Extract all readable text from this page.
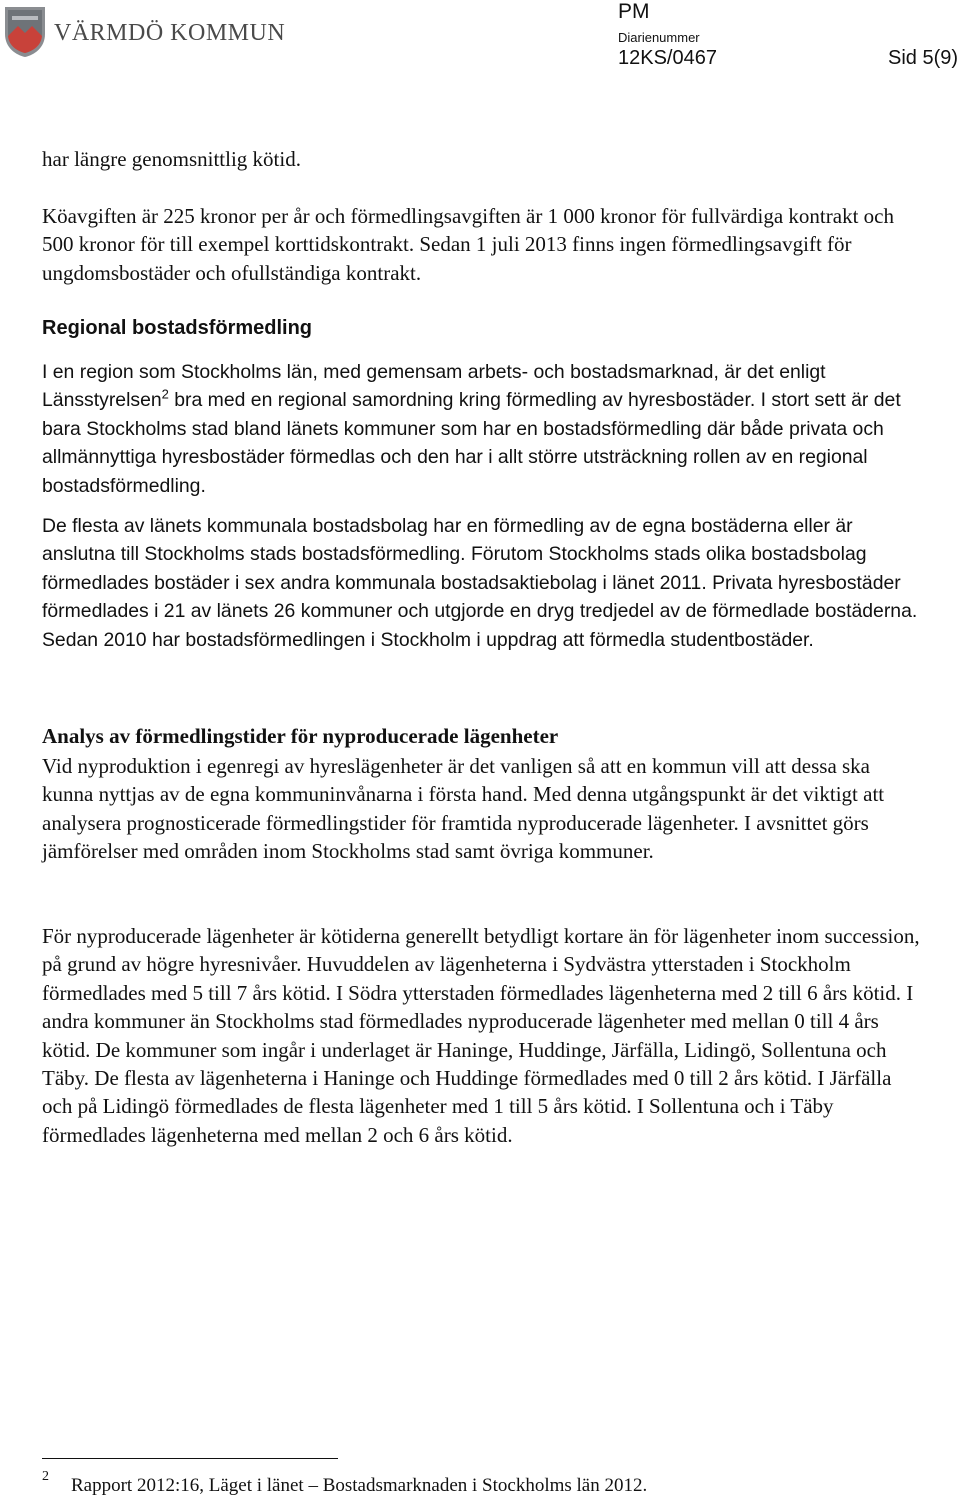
VÄRMDÖ KOMMUN
PM
Diarienummer
12KS/0467	Sid 5(9)

har längre genomsnittlig kötid.

Köavgiften är 225 kronor per år och förmedlingsavgiften är 1 000 kronor för fullvärdiga kontrakt och 500 kronor för till exempel korttidskontrakt. Sedan 1 juli 2013 finns ingen förmedlingsavgift för ungdomsbostäder och ofullständiga kontrakt.

Regional bostadsförmedling

I en region som Stockholms län, med gemensam arbets- och bostadsmarknad, är det enligt Länsstyrelsen$^2$ bra med en regional samordning kring förmedling av hyresbostäder. I stort sett är det bara Stockholms stad bland länets kommuner som har en bostadsförmedling där både privata och allmännyttiga hyresbostäder förmedlas och den har i allt större utsträckning rollen av en regional bostadsförmedling.

De flesta av länets kommunala bostadsbolag har en förmedling av de egna bostäderna eller är anslutna till Stockholms stads bostadsförmedling. Förutom Stockholms stads olika bostadsbolag förmedlades bostäder i sex andra kommunala bostadsaktiebolag i länet 2011. Privata hyresbostäder förmedlades i 21 av länets 26 kommuner och utgjorde en dryg tredjedel av de förmedlade bostäderna. Sedan 2010 har bostadsförmedlingen i Stockholm i uppdrag att förmedla studentbostäder.

Analys av förmedlingstider för nyproducerade lägenheter

Vid nyproduktion i egenregi av hyreslägenheter är det vanligen så att en kommun vill att dessa ska kunna nyttjas av de egna kommuninvånarna i första hand. Med denna utgångspunkt är det viktigt att analysera prognosticerade förmedlingstider för framtida nyproducerade lägenheter. I avsnittet görs jämförelser med områden inom Stockholms stad samt övriga kommuner.

För nyproducerade lägenheter är kötiderna generellt betydligt kortare än för lägenheter inom succession, på grund av högre hyresnivåer. Huvuddelen av lägenheterna i Sydvästra ytterstaden i Stockholm förmedlades med 5 till 7 års kötid. I Södra ytterstaden förmedlades lägenheterna med 2 till 6 års kötid. I andra kommuner än Stockholms stad förmedlades nyproducerade lägenheter med mellan 0 till 4 års kötid. De kommuner som ingår i underlaget är Haninge, Huddinge, Järfälla, Lidingö, Sollentuna och Täby. De flesta av lägenheterna i Haninge och Huddinge förmedlades med 0 till 2 års kötid. I Järfälla och på Lidingö förmedlades de flesta lägenheter med 1 till 5 års kötid. I Sollentuna och i Täby förmedlades lägenheterna med mellan 2 och 6 års kötid.

2 Rapport 2012:16, Läget i länet – Bostadsmarknaden i Stockholms län 2012.
